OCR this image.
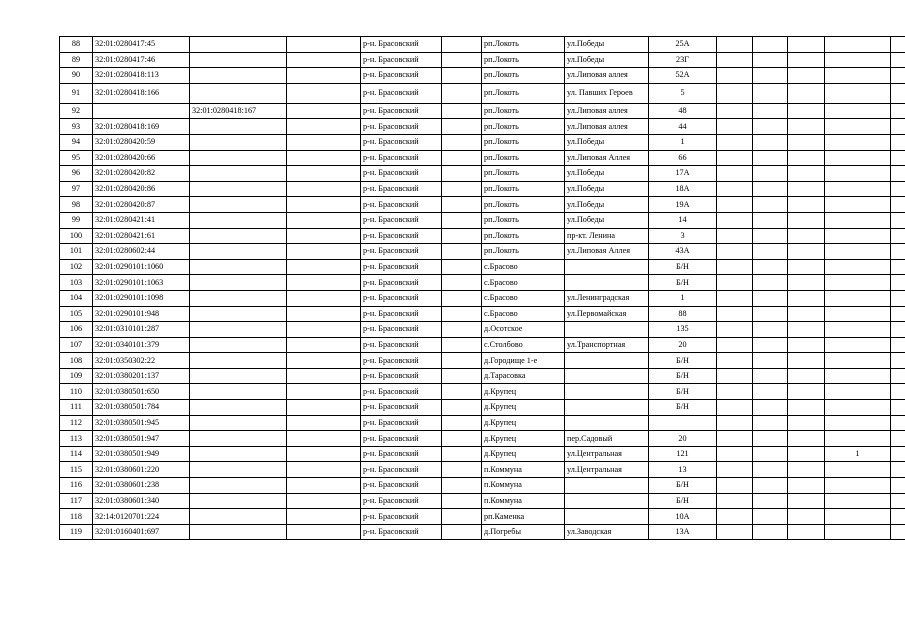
88	32:01:0280417:45			р-н. Брасовский		рп.Локоть	ул.Победы	25А					
89	32:01:0280417:46			р-н. Брасовский		рп.Локоть	ул.Победы	23Г					
90	32:01:0280418:113			р-н. Брасовский		рп.Локоть	ул.Липовая аллея	52А					
91	32:01:0280418:166			р-н. Брасовский		рп.Локоть	ул. Павших Героев	5					
92		32:01:0280418:167		р-н. Брасовский		рп.Локоть	ул.Липовая аллея	48					
93	32:01:0280418:169			р-н. Брасовский		рп.Локоть	ул.Липовая аллея	44					
94	32:01:0280420:59			р-н. Брасовский		рп.Локоть	ул.Победы	1					
95	32:01:0280420:66			р-н. Брасовский		рп.Локоть	ул.Липовая Аллея	66					
96	32:01:0280420:82			р-н. Брасовский		рп.Локоть	ул.Победы	17А					
97	32:01:0280420:86			р-н. Брасовский		рп.Локоть	ул.Победы	18А					
98	32:01:0280420:87			р-н. Брасовский		рп.Локоть	ул.Победы	19А					
99	32:01:0280421:41			р-н. Брасовский		рп.Локоть	ул.Победы	14					
100	32:01:0280421:61			р-н. Брасовский		рп.Локоть	пр-кт. Ленина	3					
101	32:01:0280602:44			р-н. Брасовский		рп.Локоть	ул.Липовая Аллея	43А					
102	32:01:0290101:1060			р-н. Брасовский		с.Брасово		Б/Н					
103	32:01:0290101:1063			р-н. Брасовский		с.Брасово		Б/Н					
104	32:01:0290101:1098			р-н. Брасовский		с.Брасово	ул.Ленинградская	1					
105	32:01:0290101:948			р-н. Брасовский		с.Брасово	ул.Первомайская	88					
106	32:01:0310101:287			р-н. Брасовский		д.Осотское		135					
107	32:01:0340101:379			р-н. Брасовский		с.Столбово	ул.Транспортная	20					
108	32:01:0350302:22			р-н. Брасовский		д.Городище 1-е		Б/Н					
109	32:01:0380201:137			р-н. Брасовский		д.Тарасовка		Б/Н					
110	32:01:0380501:650			р-н. Брасовский		д.Крупец		Б/Н					
111	32:01:0380501:784			р-н. Брасовский		д.Крупец		Б/Н					
112	32:01:0380501:945			р-н. Брасовский		д.Крупец							
113	32:01:0380501:947			р-н. Брасовский		д.Крупец	пер.Садовый	20					
114	32:01:0380501:949			р-н. Брасовский		д.Крупец	ул.Центральная	121				1	
115	32:01:0380601:220			р-н. Брасовский		п.Коммуна	ул.Центральная	13					
116	32:01:0380601:238			р-н. Брасовский		п.Коммуна		Б/Н					
117	32:01:0380601:340			р-н. Брасовский		п.Коммуна		Б/Н					
118	32:14:0120701:224			р-н. Брасовский		рп.Каменка		10А					
119	32:01:0160401:697			р-н. Брасовский		д.Погребы	ул.Заводская	13А					
